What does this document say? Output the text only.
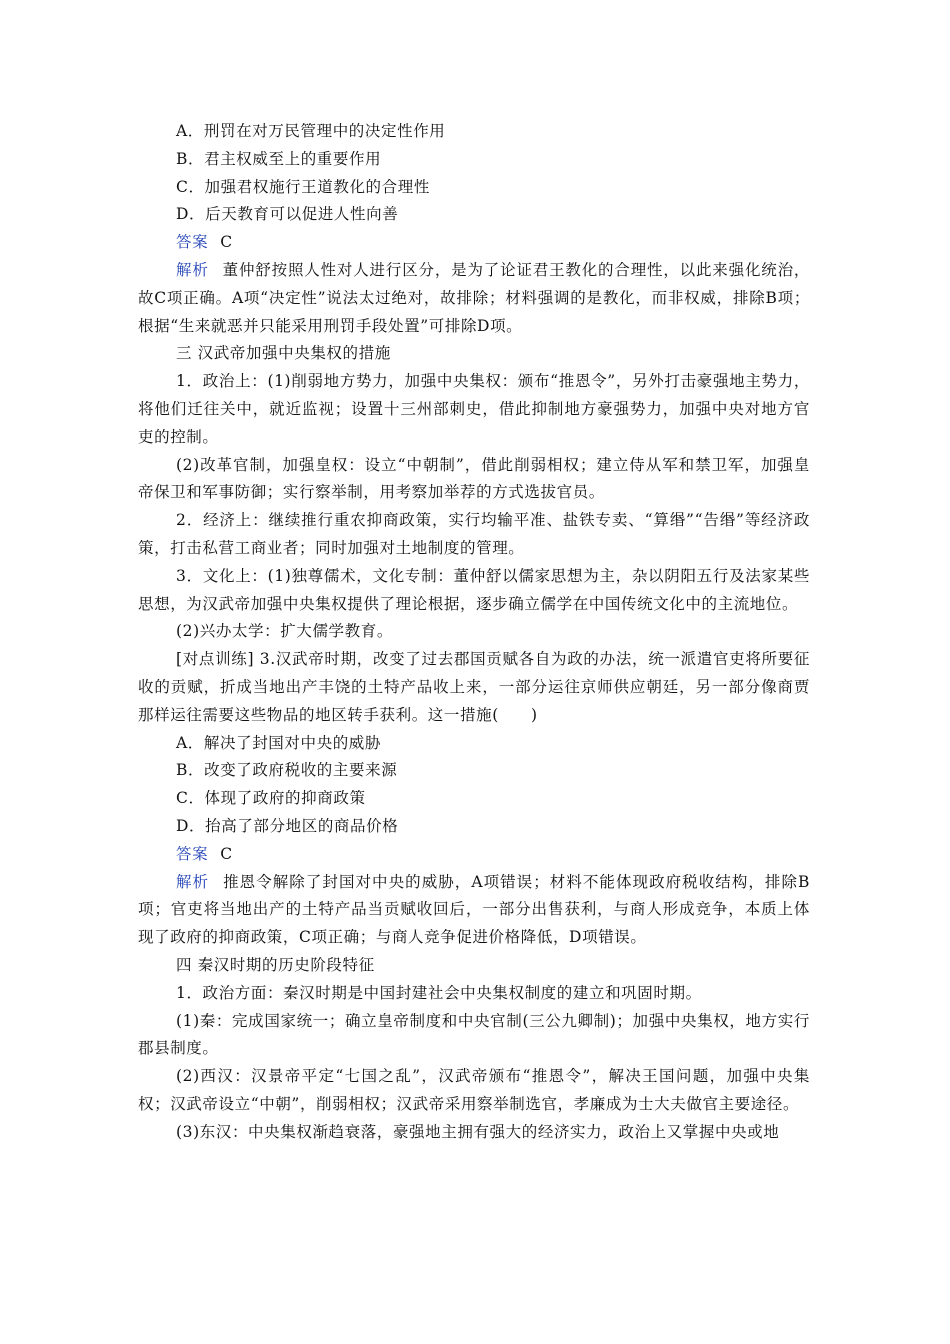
A．刑罚在对万民管理中的决定性作用

B．君主权威至上的重要作用

C．加强君权施行王道教化的合理性

D．后天教育可以促进人性向善

答案 C

解析 董仲舒按照人性对人进行区分，是为了论证君王教化的合理性，以此来强化统治，故C项正确。A项“决定性”说法太过绝对，故排除；材料强调的是教化，而非权威，排除B项；根据“生来就恶并只能采用刑罚手段处置”可排除D项。

三 汉武帝加强中央集权的措施

1．政治上：(1)削弱地方势力，加强中央集权：颁布“推恩令”，另外打击豪强地主势力，将他们迁往关中，就近监视；设置十三州部刺史，借此抑制地方豪强势力，加强中央对地方官吏的控制。

(2)改革官制，加强皇权：设立“中朝制”，借此削弱相权；建立侍从军和禁卫军，加强皇帝保卫和军事防御；实行察举制，用考察加举荐的方式选拔官员。

2．经济上：继续推行重农抑商政策，实行均输平准、盐铁专卖、“算缗”“告缗”等经济政策，打击私营工商业者；同时加强对土地制度的管理。

3．文化上：(1)独尊儒术，文化专制：董仲舒以儒家思想为主，杂以阴阳五行及法家某些思想，为汉武帝加强中央集权提供了理论根据，逐步确立儒学在中国传统文化中的主流地位。

(2)兴办太学：扩大儒学教育。

[对点训练] 3.汉武帝时期，改变了过去郡国贡赋各自为政的办法，统一派遣官吏将所要征收的贡赋，折成当地出产丰饶的土特产品收上来，一部分运往京师供应朝廷，另一部分像商贾那样运往需要这些物品的地区转手获利。这一措施(　　)

A．解决了封国对中央的威胁

B．改变了政府税收的主要来源

C．体现了政府的抑商政策

D．抬高了部分地区的商品价格

答案 C

解析 推恩令解除了封国对中央的威胁，A项错误；材料不能体现政府税收结构，排除B项；官吏将当地出产的土特产品当贡赋收回后，一部分出售获利，与商人形成竞争，本质上体现了政府的抑商政策，C项正确；与商人竞争促进价格降低，D项错误。

四 秦汉时期的历史阶段特征

1．政治方面：秦汉时期是中国封建社会中央集权制度的建立和巩固时期。

(1)秦：完成国家统一；确立皇帝制度和中央官制(三公九卿制)；加强中央集权，地方实行郡县制度。

(2)西汉：汉景帝平定“七国之乱”，汉武帝颁布“推恩令”，解决王国问题，加强中央集权；汉武帝设立“中朝”，削弱相权；汉武帝采用察举制选官，孝廉成为士大夫做官主要途径。

(3)东汉：中央集权渐趋衰落，豪强地主拥有强大的经济实力，政治上又掌握中央或地
